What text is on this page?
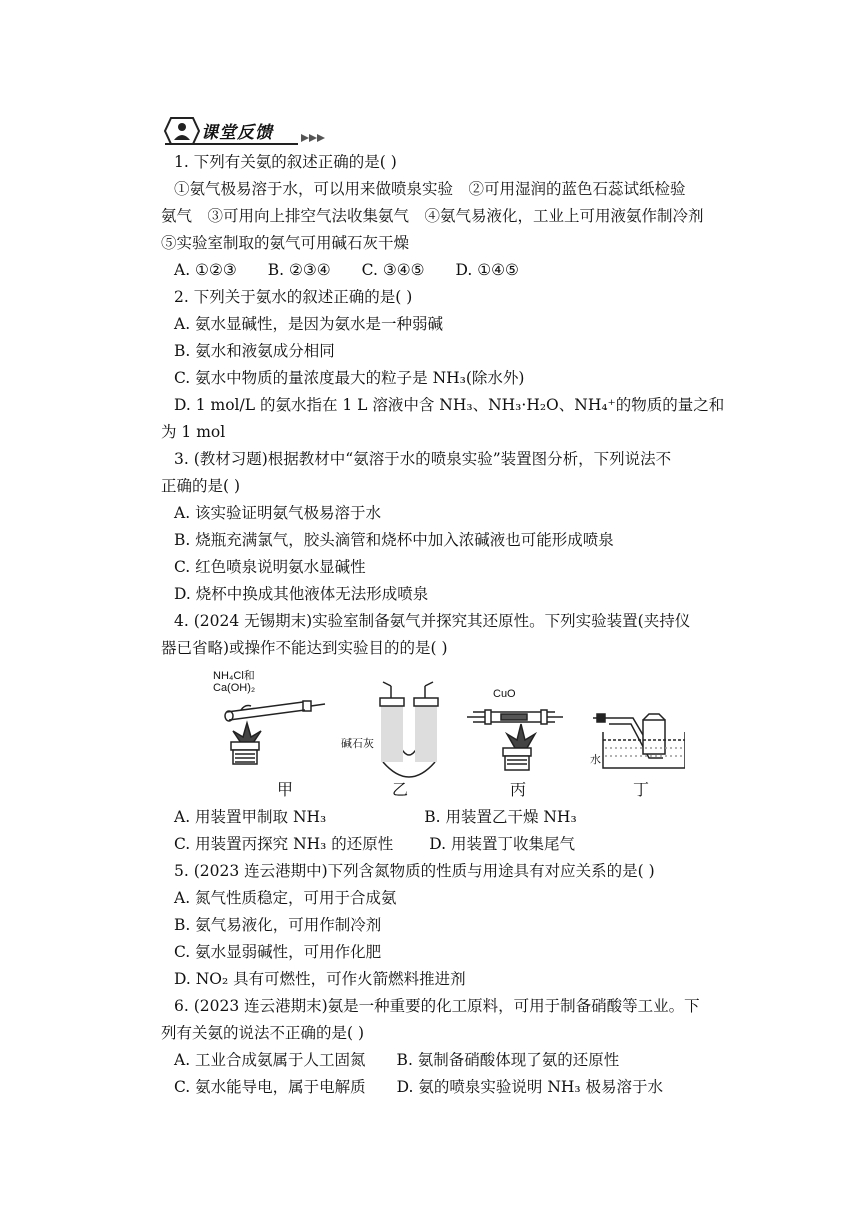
课堂反馈
1. 下列有关氨的叙述正确的是( )
①氨气极易溶于水，可以用来做喷泉实验　②可用湿润的蓝色石蕊试纸检验
氨气　③可用向上排空气法收集氨气　④氨气易液化，工业上可用液氨作制冷剂
⑤实验室制取的氨气可用碱石灰干燥
A. ①②③　　B. ②③④　　C. ③④⑤　　D. ①④⑤
2. 下列关于氨水的叙述正确的是( )
A. 氨水显碱性，是因为氨水是一种弱碱
B. 氨水和液氨成分相同
C. 氨水中物质的量浓度最大的粒子是 NH₃(除水外)
D. 1 mol/L 的氨水指在 1 L 溶液中含 NH₃、NH₃·H₂O、NH₄⁺的物质的量之和
为 1 mol
3. (教材习题)根据教材中“氨溶于水的喷泉实验”装置图分析，下列说法不
正确的是( )
A. 该实验证明氨气极易溶于水
B. 烧瓶充满氯气，胶头滴管和烧杯中加入浓碱液也可能形成喷泉
C. 红色喷泉说明氨水显碱性
D. 烧杯中换成其他液体无法形成喷泉
4. (2024 无锡期末)实验室制备氨气并探究其还原性。下列实验装置(夹持仪
器已省略)或操作不能达到实验目的的是( )
NH₄Cl和
Ca(OH)₂
碱石灰
CuO
水
甲	乙	丙	丁
A. 用装置甲制取 NH₃　　　　　　 B. 用装置乙干燥 NH₃
C. 用装置丙探究 NH₃ 的还原性　　 D. 用装置丁收集尾气
5. (2023 连云港期中)下列含氮物质的性质与用途具有对应关系的是( )
A. 氮气性质稳定，可用于合成氨
B. 氨气易液化，可用作制冷剂
C. 氨水显弱碱性，可用作化肥
D. NO₂ 具有可燃性，可作火箭燃料推进剂
6. (2023 连云港期末)氨是一种重要的化工原料，可用于制备硝酸等工业。下
列有关氨的说法不正确的是( )
A. 工业合成氨属于人工固氮　　B. 氨制备硝酸体现了氨的还原性
C. 氨水能导电，属于电解质　　D. 氨的喷泉实验说明 NH₃ 极易溶于水
